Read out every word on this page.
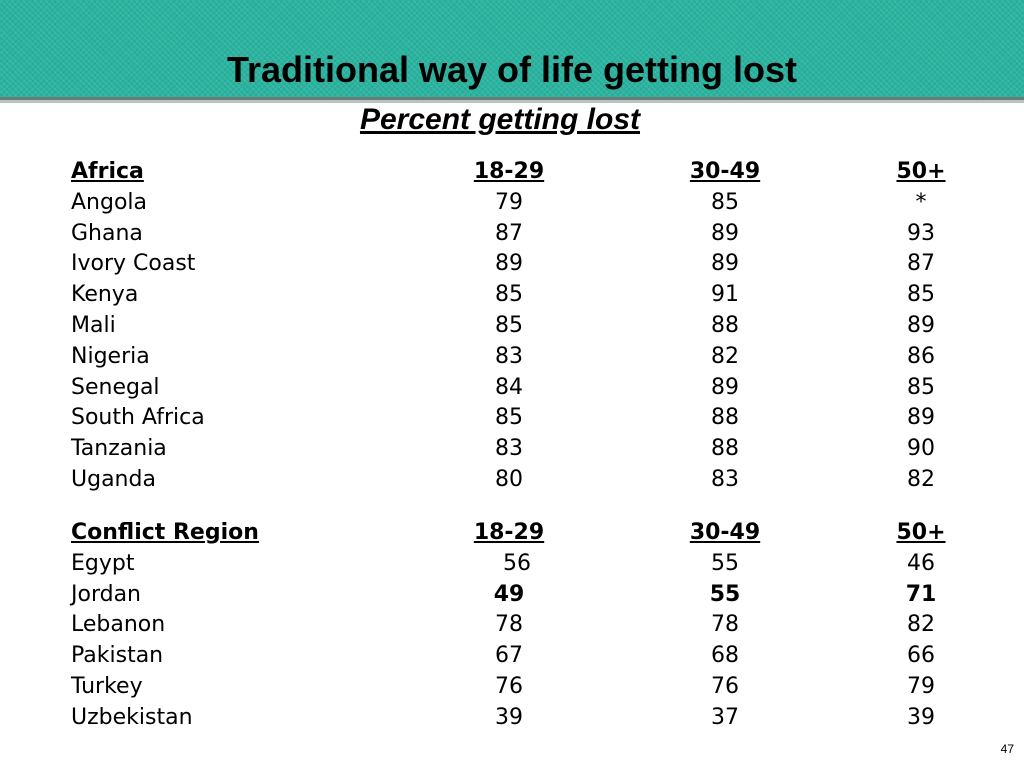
Traditional way of life getting lost
Percent getting lost
Africa	18-29	30-49	50+
Angola	79	85	*
Ghana	87	89	93
Ivory Coast	89	89	87
Kenya	85	91	85
Mali	85	88	89
Nigeria	83	82	86
Senegal	84	89	85
South Africa	85	88	89
Tanzania	83	88	90
Uganda	80	83	82
Conflict Region	18-29	30-49	50+
Egypt	56	55	46
Jordan	49	55	71
Lebanon	78	78	82
Pakistan	67	68	66
Turkey	76	76	79
Uzbekistan	39	37	39
47
